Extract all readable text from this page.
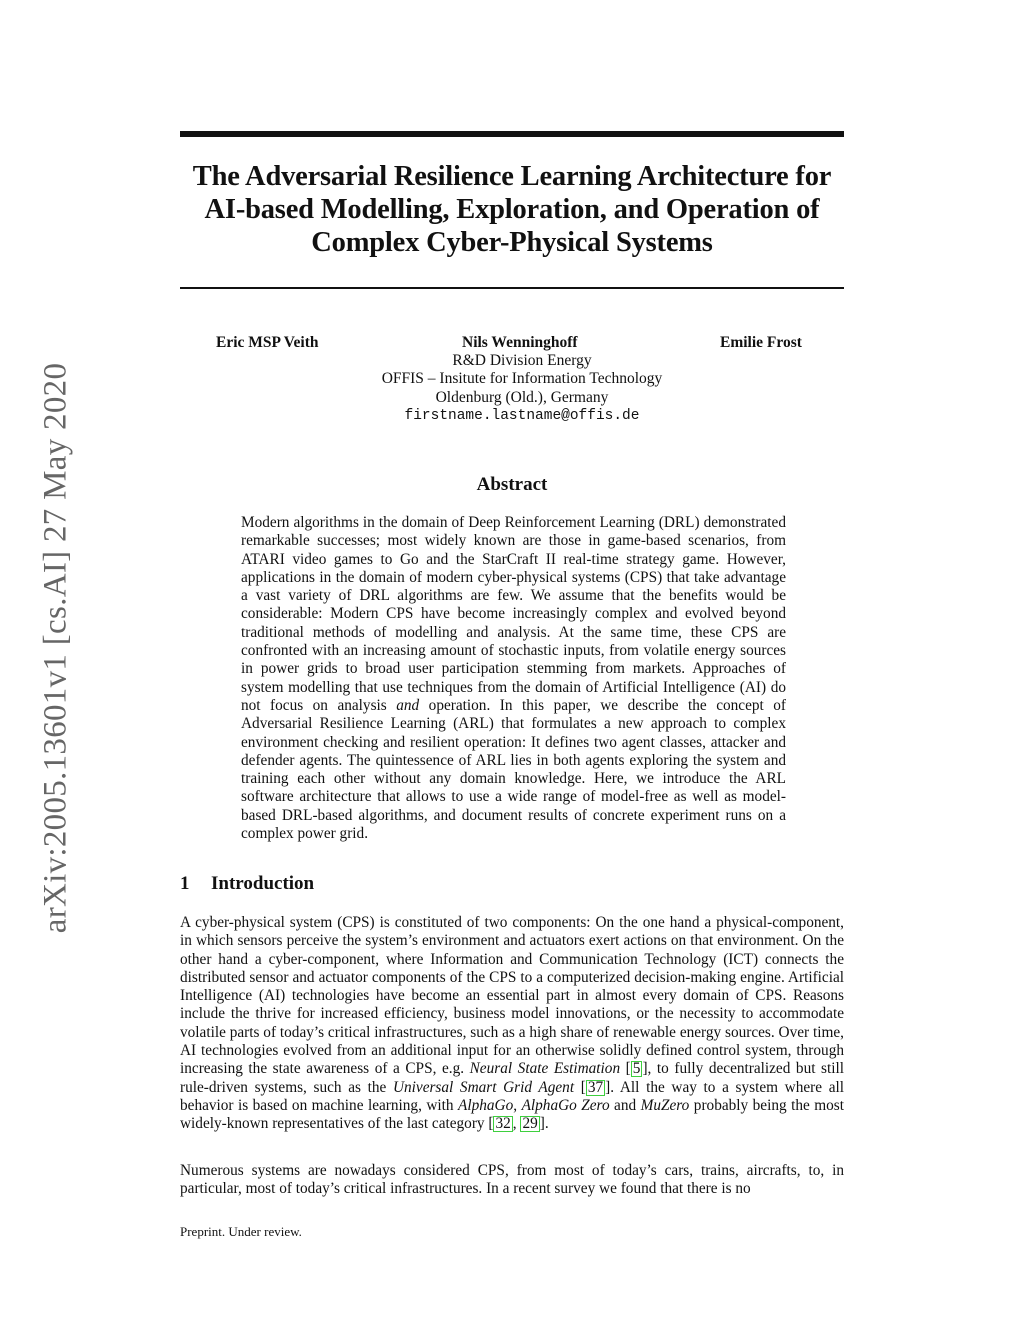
arXiv:2005.13601v1 [cs.AI] 27 May 2020
The Adversarial Resilience Learning Architecture for
AI-based Modelling, Exploration, and Operation of
Complex Cyber-Physical Systems
Eric MSP Veith	Nils Wenninghoff	Emilie Frost
R&D Division Energy
OFFIS – Insitute for Information Technology
Oldenburg (Old.), Germany
firstname.lastname@offis.de
Abstract

Modern algorithms in the domain of Deep Reinforcement Learning (DRL) demonstrated remarkable successes; most widely known are those in game-based scenarios, from ATARI video games to Go and the StarCraft II real-time strategy game. However, applications in the domain of modern cyber-physical systems (CPS) that take advantage a vast variety of DRL algorithms are few. We assume that the benefits would be considerable: Modern CPS have become increasingly complex and evolved beyond traditional methods of modelling and analysis. At the same time, these CPS are confronted with an increasing amount of stochastic inputs, from volatile energy sources in power grids to broad user participation stemming from markets. Approaches of system modelling that use techniques from the domain of Artificial Intelligence (AI) do not focus on analysis and operation. In this paper, we describe the concept of Adversarial Resilience Learning (ARL) that formulates a new approach to complex environment checking and resilient operation: It defines two agent classes, attacker and defender agents. The quintessence of ARL lies in both agents exploring the system and training each other without any domain knowledge. Here, we introduce the ARL software architecture that allows to use a wide range of model-free as well as model-based DRL-based algorithms, and document results of concrete experiment runs on a complex power grid.

1 Introduction

A cyber-physical system (CPS) is constituted of two components: On the one hand a physical-component, in which sensors perceive the system’s environment and actuators exert actions on that environment. On the other hand a cyber-component, where Information and Communication Technology (ICT) connects the distributed sensor and actuator components of the CPS to a computerized decision-making engine. Artificial Intelligence (AI) technologies have become an essential part in almost every domain of CPS. Reasons include the thrive for increased efficiency, business model innovations, or the necessity to accommodate volatile parts of today’s critical infrastructures, such as a high share of renewable energy sources. Over time, AI technologies evolved from an additional input for an otherwise solidly defined control system, through increasing the state awareness of a CPS, e.g. Neural State Estimation [ 5 ], to fully decentralized but still rule-driven systems, such as the Universal Smart Grid Agent [ 37 ]. All the way to a system where all behavior is based on machine learning, with AlphaGo, AlphaGo Zero and MuZero probably being the most widely-known representatives of the last category [ 32 , 29 ].

Numerous systems are nowadays considered CPS, from most of today’s cars, trains, aircrafts, to, in particular, most of today’s critical infrastructures. In a recent survey we found that there is no

Preprint. Under review.
